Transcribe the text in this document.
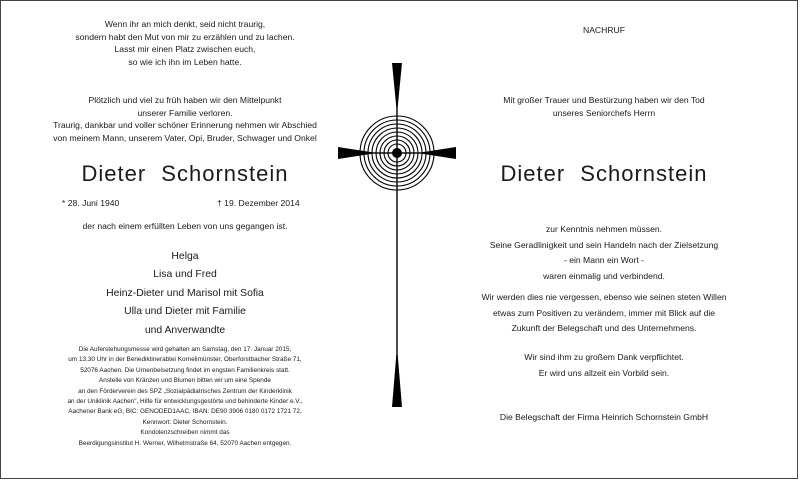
Wenn ihr an mich denkt, seid nicht traurig,
sondern habt den Mut von mir zu erzählen und zu lachen.
Lasst mir einen Platz zwischen euch,
so wie ich ihn im Leben hatte.
Plötzlich und viel zu früh haben wir den Mittelpunkt
unserer Familie verloren.
Traurig, dankbar und voller schöner Erinnerung nehmen wir Abschied
von meinem Mann, unserem Vater, Opi, Bruder, Schwager und Onkel
Dieter Schornstein
* 28. Juni 1940	† 19. Dezember 2014
der nach einem erfüllten Leben von uns gegangen ist.
Helga
Lisa und Fred
Heinz-Dieter und Marisol mit Sofia
Ulla und Dieter mit Familie
und Anverwandte
Die Auferstehungsmesse wird gehalten am Samstag, den 17. Januar 2015,
um 13.30 Uhr in der Benediktinerabtei Kornelimünster, Oberforstbacher Straße 71,
52076 Aachen. Die Urnenbeisetzung findet im engsten Familienkreis statt.
Anstelle von Kränzen und Blumen bitten wir um eine Spende
an den Förderverein des SPZ „Sozialpädiatrisches Zentrum der Kinderklinik
an der Uniklinik Aachen", Hilfe für entwicklungsgestörte und behinderte Kinder e.V.,
Aachener Bank eG, BIC: GENODED1AAC, IBAN: DE90 3906 0180 0172 1721 72,
Kennwort: Dieter Schornstein.
Kondolenzschreiben nimmt das
Beerdigungsinstitut H. Werner, Wilhelmstraße 64, 52070 Aachen entgegen.
NACHRUF
Mit großer Trauer und Bestürzung haben wir den Tod
unseres Seniorchefs Herrn
Dieter Schornstein
zur Kenntnis nehmen müssen.
Seine Geradlinigkeit und sein Handeln nach der Zielsetzung
- ein Mann ein Wort -
waren einmalig und verbindend.
Wir werden dies nie vergessen, ebenso wie seinen steten Willen
etwas zum Positiven zu verändern, immer mit Blick auf die
Zukunft der Belegschaft und des Unternehmens.
Wir sind ihm zu großem Dank verpflichtet.
Er wird uns allzeit ein Vorbild sein.
Die Belegschaft der Firma Heinrich Schornstein GmbH
